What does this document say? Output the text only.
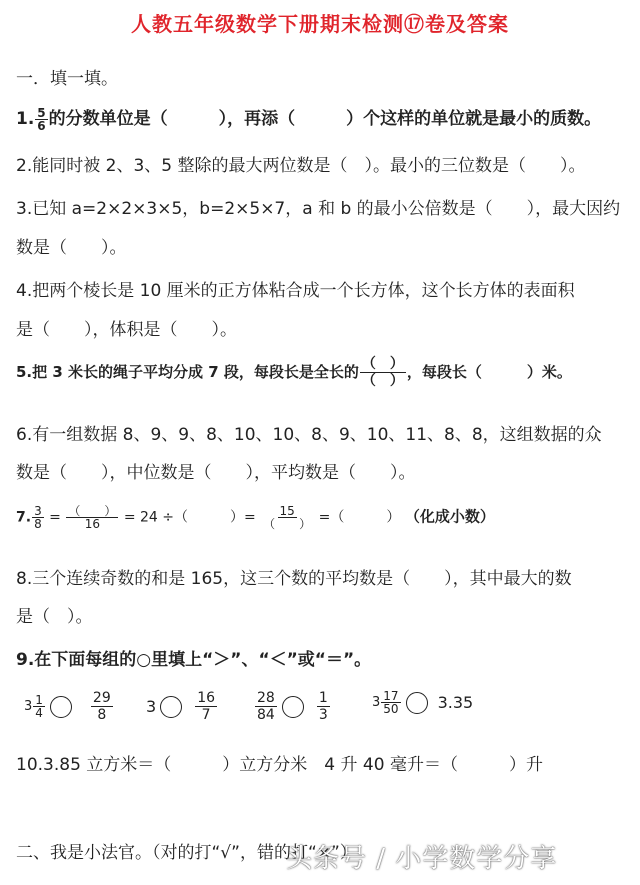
人教五年级数学下册期末检测⑰卷及答案
一．填一填。
1. $\frac{5}{6}$ 的分数单位是（　　　），再添（　　　）个这样的单位就是最小的质数。
2.能同时被 2、3、5 整除的最大两位数是（　）。最小的三位数是（　　）。
3.已知 a=2×2×3×5，b=2×5×7，a 和 b 的最小公倍数是（　　），最大因约
数是（　　）。
4.把两个棱长是 10 厘米的正方体粘合成一个长方体，这个长方体的表面积
是（　　），体积是（　　）。
5.把 3 米长的绳子平均分成 7 段，每段长是全长的 $\frac{( )}{( )}$ ，每段长（　　　）米。
6.有一组数据 8、9、9、8、10、10、8、9、10、11、8、8，这组数据的众
数是（　　），中位数是（　　），平均数是（　　）。
7. $\frac{3}{8} = \frac{( )}{16} = 24$ ÷（　　　）= $\frac{15}{( )}$ =（　　　） （化成小数）
8.三个连续奇数的和是 165，这三个数的平均数是（　　），其中最大的数
是（　）。
9.在下面每组的○里填上“＞”、“＜”或“＝”。
$3 \frac{1}{4}$	$\frac{29}{8} 3$	$\frac{16}{7}$	$\frac{28}{84}$	$\frac{1}{3}$	$3 \frac{17}{50} 3.35$
10.3.85 立方米＝（　　　）立方分米　4 升 40 毫升＝（　　　）升
二、我是小法官。（对的打“√”，错的打“×”）
头条号 / 小学数学分享
